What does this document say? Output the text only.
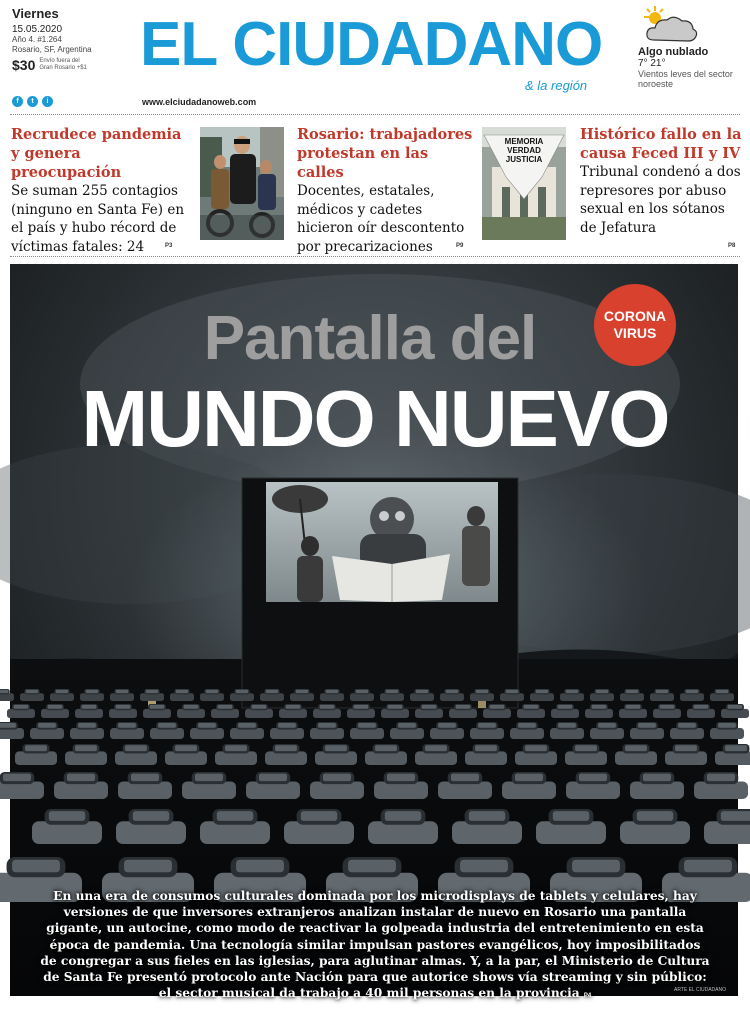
Viernes
15.05.2020
Año 4. #1.264
Rosario, SF, Argentina
$30 Envío fuera del Gran Rosario +$1 EL CIUDADANO
& la región
Algo nublado
7° 21°
Vientos leves del sector noroeste
f	t	i	www.elciudadanoweb.com
Recrudece pandemia y genera preocupación
Se suman 255 contagios (ninguno en Santa Fe) en el país y hubo récord de víctimas fatales: 24	P3
Rosario: trabajadores protestan en las calles
Docentes, estatales, médicos y cadetes hicieron oír descontento por precarizaciones	P9
MEMORIA VERDAD JUSTICIA
Histórico fallo en la causa Feced III y IV
Tribunal condenó a dos represores por abuso sexual en los sótanos de Jefatura
P8
Pantalla del
MUNDO NUEVO
CORONA
VIRUS
En una era de consumos culturales dominada por los microdisplays de tablets y celulares, hay versiones de que inversores extranjeros analizan instalar de nuevo en Rosario una pantalla gigante, un autocine, como modo de reactivar la golpeada industria del entretenimiento en esta época de pandemia. Una tecnología similar impulsan pastores evangélicos, hoy imposibilitados de congregar a sus fieles en las iglesias, para aglutinar almas. Y, a la par, el Ministerio de Cultura de Santa Fe presentó protocolo ante Nación para que autorice shows vía streaming y sin público: el sector musical da trabajo a 40 mil personas en la provincia P4
ARTE EL CIUDADANO
